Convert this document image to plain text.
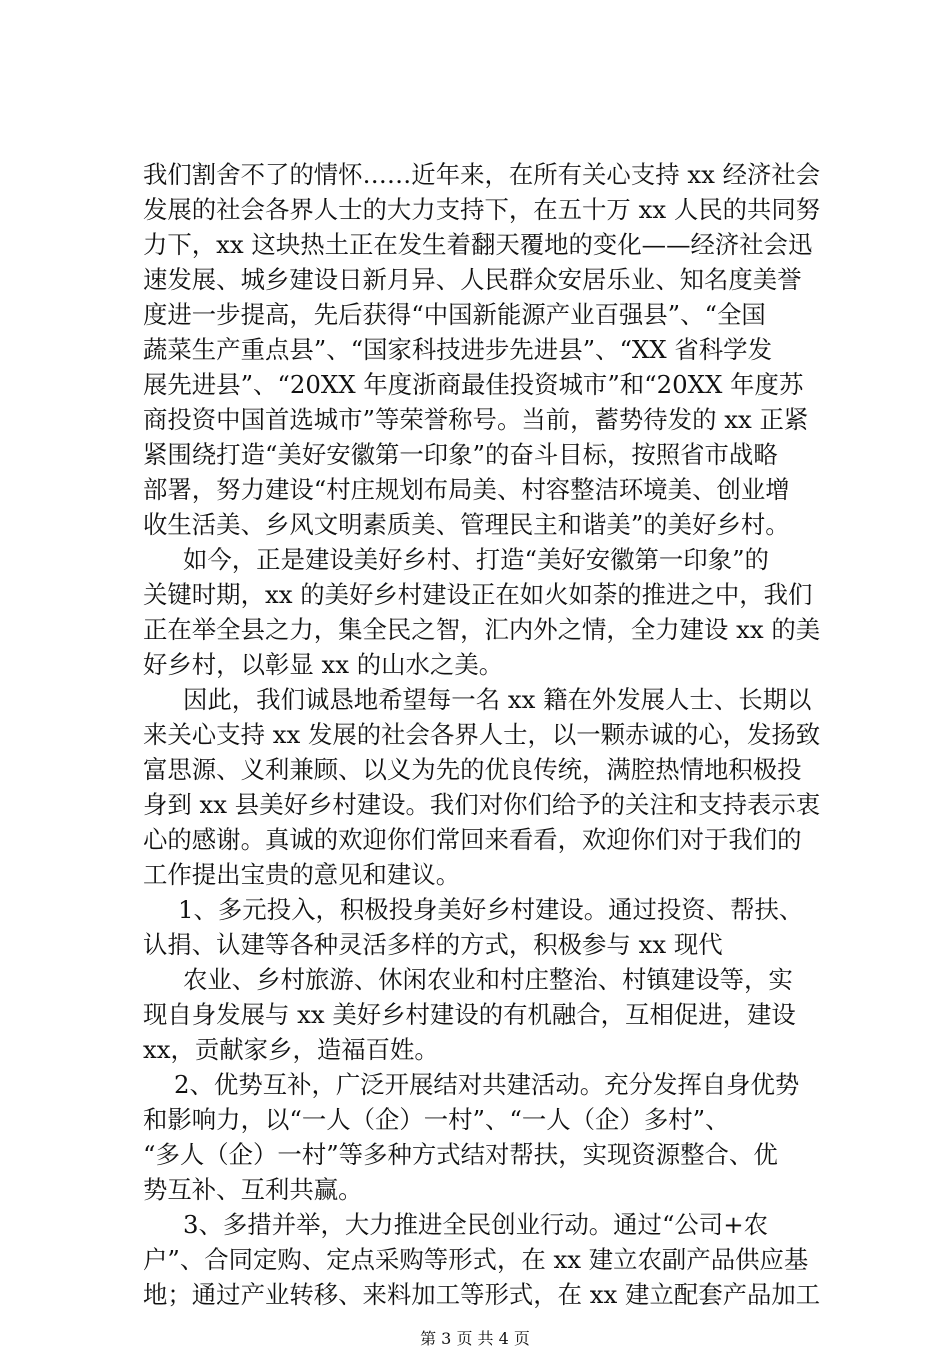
我们割舍不了的情怀……近年来，在所有关心支持 xx 经济社会
发展的社会各界人士的大力支持下，在五十万 xx 人民的共同努
力下，xx 这块热土正在发生着翻天覆地的变化——经济社会迅
速发展、城乡建设日新月异、人民群众安居乐业、知名度美誉
度进一步提高，先后获得“中国新能源产业百强县”、“全国
蔬菜生产重点县”、“国家科技进步先进县”、“XX 省科学发
展先进县”、“20XX 年度浙商最佳投资城市”和“20XX 年度苏
商投资中国首选城市”等荣誉称号。当前，蓄势待发的 xx 正紧
紧围绕打造“美好安徽第一印象”的奋斗目标，按照省市战略
部署，努力建设“村庄规划布局美、村容整洁环境美、创业增
收生活美、乡风文明素质美、管理民主和谐美”的美好乡村。
如今，正是建设美好乡村、打造“美好安徽第一印象”的
关键时期，xx 的美好乡村建设正在如火如荼的推进之中，我们
正在举全县之力，集全民之智，汇内外之情，全力建设 xx 的美
好乡村，以彰显 xx 的山水之美。
因此，我们诚恳地希望每一名 xx 籍在外发展人士、长期以
来关心支持 xx 发展的社会各界人士，以一颗赤诚的心，发扬致
富思源、义利兼顾、以义为先的优良传统，满腔热情地积极投
身到 xx 县美好乡村建设。我们对你们给予的关注和支持表示衷
心的感谢。真诚的欢迎你们常回来看看，欢迎你们对于我们的
工作提出宝贵的意见和建议。
1、多元投入，积极投身美好乡村建设。通过投资、帮扶、
认捐、认建等各种灵活多样的方式，积极参与 xx 现代
农业、乡村旅游、休闲农业和村庄整治、村镇建设等，实
现自身发展与 xx 美好乡村建设的有机融合，互相促进，建设
xx，贡献家乡，造福百姓。
2、优势互补，广泛开展结对共建活动。充分发挥自身优势
和影响力，以“一人（企）一村”、“一人（企）多村”、
“多人（企）一村”等多种方式结对帮扶，实现资源整合、优
势互补、互利共赢。
3、多措并举，大力推进全民创业行动。通过“公司+农
户”、合同定购、定点采购等形式，在 xx 建立农副产品供应基
地；通过产业转移、来料加工等形式，在 xx 建立配套产品加工
第 3 页 共 4 页
